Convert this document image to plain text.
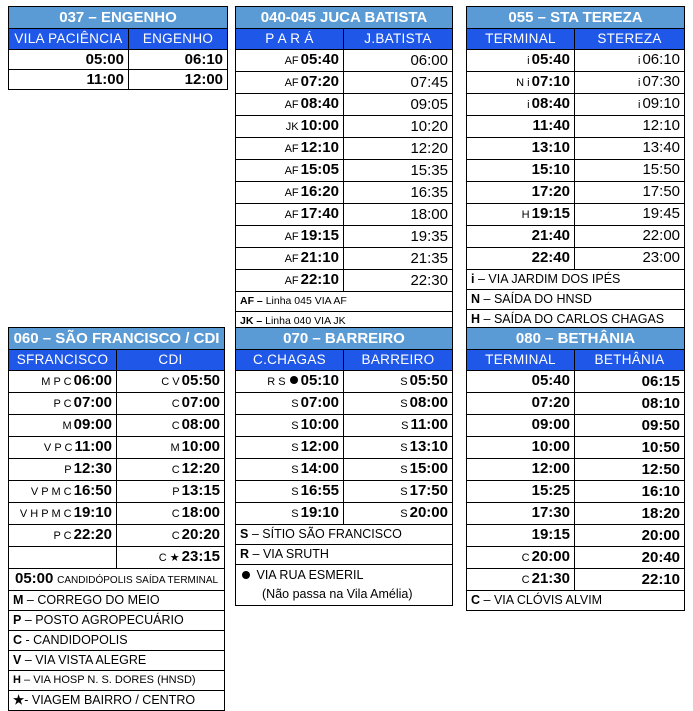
037 – ENGENHO	
VILA PACIÊNCIA	ENGENHO
05:00	06:10
11:00	12:00
040-045 JUCA BATISTA	
P A R Á	J.BATISTA
AF 05:40	06:00
AF 07:20	07:45
AF 08:40	09:05
JK 10:00	10:20
AF 12:10	12:20
AF 15:05	15:35
AF 16:20	16:35
AF 17:40	18:00
AF 19:15	19:35
AF 21:10	21:35
AF 22:10	22:30
AF – Linha 045 VIA AF	
JK – Linha 040 VIA JK	
055 – STA TEREZA	
TERMINAL	STEREZA
i 05:40	i 06:10
N i 07:10	i 07:30
i 08:40	i 09:10
11:40	12:10
13:10	13:40
15:10	15:50
17:20	17:50
H 19:15	19:45
21:40	22:00
22:40	23:00
i – VIA JARDIM DOS IPÉS	
N – SAÍDA DO HNSD	
H – SAÍDA DO CARLOS CHAGAS	
060 – SÃO FRANCISCO / CDI	
SFRANCISCO	CDI
M P C 06:00	C V 05:50
P C 07:00	C 07:00
M 09:00	C 08:00
V P C 11:00	M 10:00
P 12:30	C 12:20
V P M C 16:50	P 13:15
V H P M C 19:10	C 18:00
P C 22:20	C 20:20
	C ★ 23:15
05:00 CANDIDÓPOLIS SAÍDA TERMINAL	
M – CORREGO DO MEIO	
P – POSTO AGROPECUÁRIO	
C - CANDIDOPOLIS	
V – VIA VISTA ALEGRE	
H – VIA HOSP N. S. DORES (HNSD)	
★- VIAGEM BAIRRO / CENTRO	
070 – BARREIRO	
C.CHAGAS	BARREIRO
R S 05:10	S 05:50
S 07:00	S 08:00
S 10:00	S 11:00
S 12:00	S 13:10
S 14:00	S 15:00
S 16:55	S 17:50
S 19:10	S 20:00
S – SÍTIO SÃO FRANCISCO	
R – VIA SRUTH	
VIA RUA ESMERIL
(Não passa na Vila Amélia)	
080 – BETHÂNIA	
TERMINAL	BETHÂNIA
05:40	06:15
07:20	08:10
09:00	09:50
10:00	10:50
12:00	12:50
15:25	16:10
17:30	18:20
19:15	20:00
C 20:00	20:40
C 21:30	22:10
C – VIA CLÓVIS ALVIM	
